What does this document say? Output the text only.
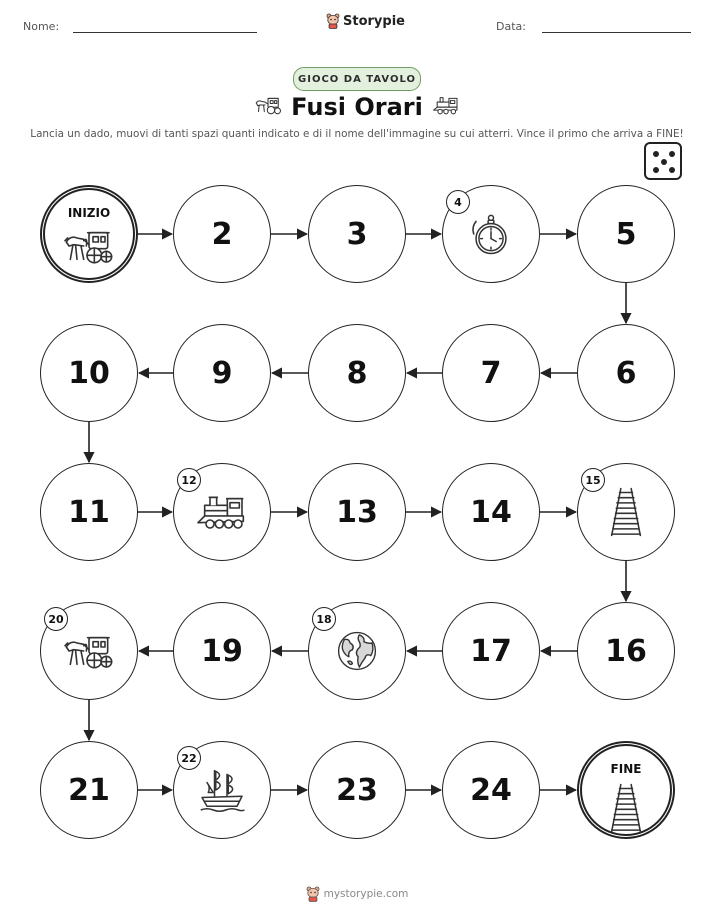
Nome:	Storypie	Data:
GIOCO DA TAVOLO
Fusi Orari
Lancia un dado, muovi di tanti spazi quanti indicato e di il nome dell'immagine su cui atterri. Vince il primo che arriva a FINE!
INIZIO
2	3
4
5
6
7
8
9
10
11
12
13	14
15
16
17
18
19
20
21
22
23	24
FINE
mystorypie.com
